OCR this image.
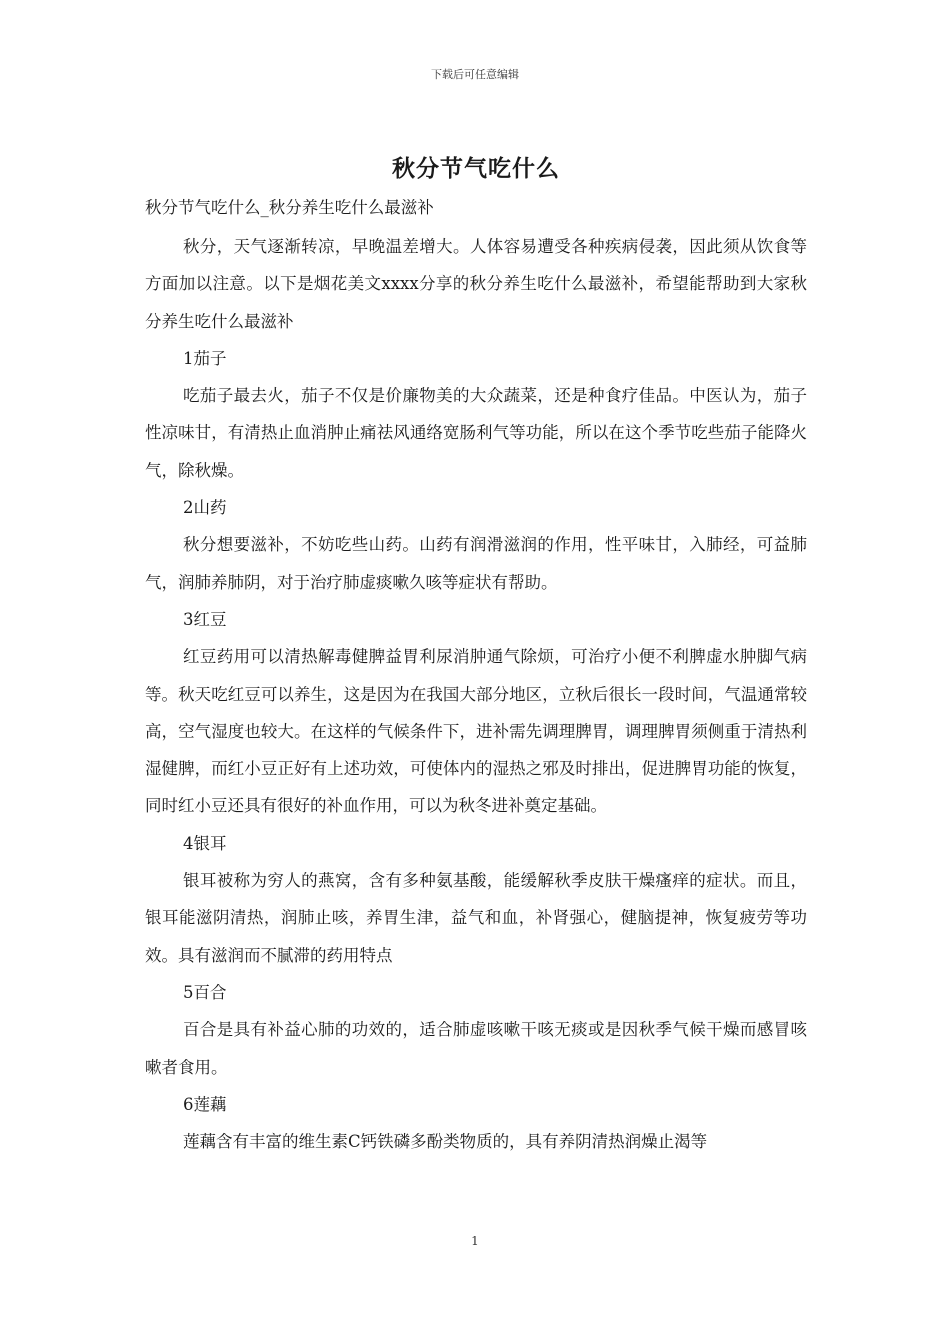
下载后可任意编辑
秋分节气吃什么

秋分节气吃什么_秋分养生吃什么最滋补

秋分，天气逐渐转凉，早晚温差增大。人体容易遭受各种疾病侵袭，因此须从饮食等方面加以注意。以下是烟花美文xxxx分享的秋分养生吃什么最滋补，希望能帮助到大家秋分养生吃什么最滋补

1茄子

吃茄子最去火，茄子不仅是价廉物美的大众蔬菜，还是种食疗佳品。中医认为，茄子性凉味甘，有清热止血消肿止痛祛风通络宽肠利气等功能，所以在这个季节吃些茄子能降火气，除秋燥。

2山药

秋分想要滋补，不妨吃些山药。山药有润滑滋润的作用，性平味甘，入肺经，可益肺气，润肺养肺阴，对于治疗肺虚痰嗽久咳等症状有帮助。

3红豆

红豆药用可以清热解毒健脾益胃利尿消肿通气除烦，可治疗小便不利脾虚水肿脚气病等。秋天吃红豆可以养生，这是因为在我国大部分地区，立秋后很长一段时间，气温通常较高，空气湿度也较大。在这样的气候条件下，进补需先调理脾胃，调理脾胃须侧重于清热利湿健脾，而红小豆正好有上述功效，可使体内的湿热之邪及时排出，促进脾胃功能的恢复，同时红小豆还具有很好的补血作用，可以为秋冬进补奠定基础。

4银耳

银耳被称为穷人的燕窝，含有多种氨基酸，能缓解秋季皮肤干燥瘙痒的症状。而且，银耳能滋阴清热，润肺止咳，养胃生津，益气和血，补肾强心，健脑提神，恢复疲劳等功效。具有滋润而不腻滞的药用特点

5百合

百合是具有补益心肺的功效的，适合肺虚咳嗽干咳无痰或是因秋季气候干燥而感冒咳嗽者食用。

6莲藕

莲藕含有丰富的维生素C钙铁磷多酚类物质的，具有养阴清热润燥止渴等

1
